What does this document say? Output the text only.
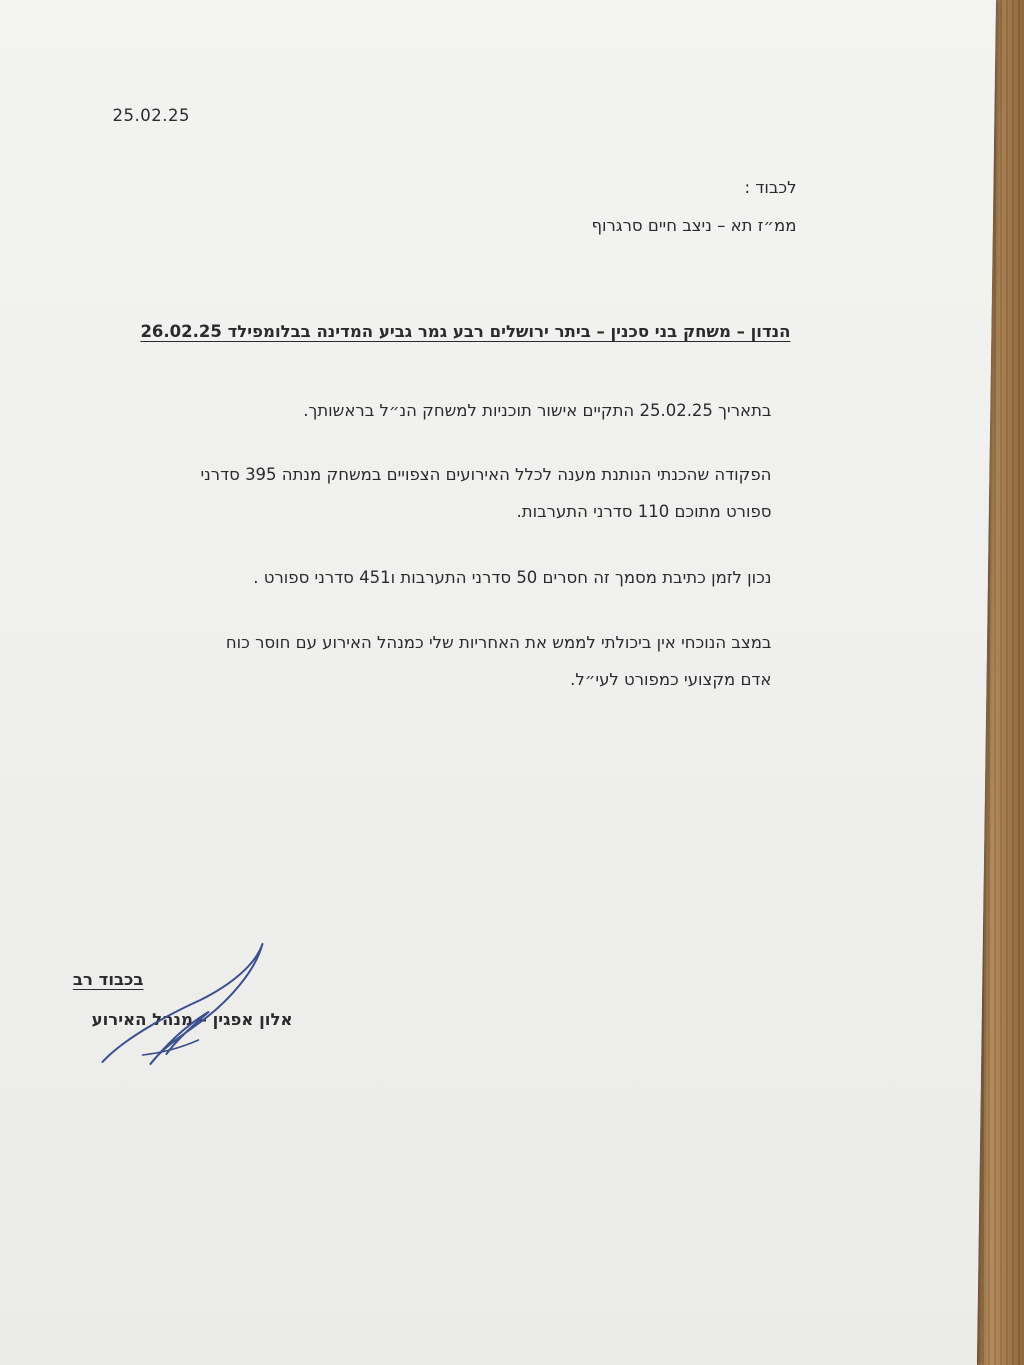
25.02.25
לכבוד :
ממ״ז תא – ניצב חיים סרגרוף
הנדון – משחק בני סכנין – ביתר ירושלים רבע גמר גביע המדינה בבלומפילד 26.02.25
בתאריך 25.02.25 התקיים אישור תוכניות למשחק הנ״ל בראשותך.
הפקודה שהכנתי הנותנת מענה לכלל האירועים הצפויים במשחק מנתה 395 סדרני
ספורט מתוכם 110 סדרני התערבות.
נכון לזמן כתיבת מסמך זה חסרים 50 סדרני התערבות ו451 סדרני ספורט .
במצב הנוכחי אין ביכולתי לממש את האחריות שלי כמנהל האירוע עם חוסר כוח
אדם מקצועי כמפורט לעי״ל.
בכבוד רב
אלון אפגין – מנהל האירוע
